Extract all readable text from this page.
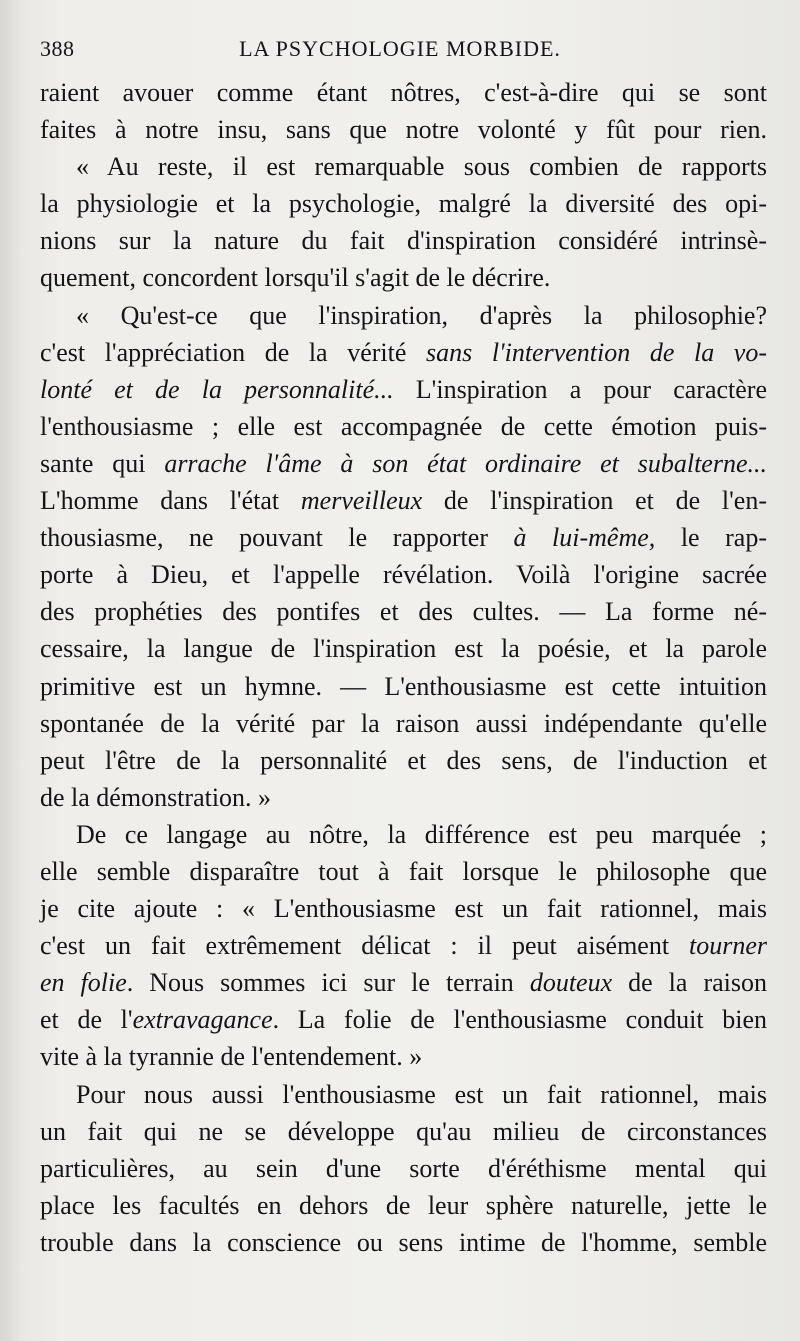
388	LA PSYCHOLOGIE MORBIDE.
raient avouer comme étant nôtres, c'est-à-dire qui se sont
faites à notre insu, sans que notre volonté y fût pour rien.
« Au reste, il est remarquable sous combien de rapports
la physiologie et la psychologie, malgré la diversité des opi-
nions sur la nature du fait d'inspiration considéré intrinsè-
quement, concordent lorsqu'il s'agit de le décrire.
« Qu'est-ce que l'inspiration, d'après la philosophie?
c'est l'appréciation de la vérité sans l'intervention de la vo-
lonté et de la personnalité... L'inspiration a pour caractère
l'enthousiasme ; elle est accompagnée de cette émotion puis-
sante qui arrache l'âme à son état ordinaire et subalterne...
L'homme dans l'état merveilleux de l'inspiration et de l'en-
thousiasme, ne pouvant le rapporter à lui-même, le rap-
porte à Dieu, et l'appelle révélation. Voilà l'origine sacrée
des prophéties des pontifes et des cultes. — La forme né-
cessaire, la langue de l'inspiration est la poésie, et la parole
primitive est un hymne. — L'enthousiasme est cette intuition
spontanée de la vérité par la raison aussi indépendante qu'elle
peut l'être de la personnalité et des sens, de l'induction et
de la démonstration. »
De ce langage au nôtre, la différence est peu marquée ;
elle semble disparaître tout à fait lorsque le philosophe que
je cite ajoute : « L'enthousiasme est un fait rationnel, mais
c'est un fait extrêmement délicat : il peut aisément tourner
en folie. Nous sommes ici sur le terrain douteux de la raison
et de l'extravagance. La folie de l'enthousiasme conduit bien
vite à la tyrannie de l'entendement. »
Pour nous aussi l'enthousiasme est un fait rationnel, mais
un fait qui ne se développe qu'au milieu de circonstances
particulières, au sein d'une sorte d'éréthisme mental qui
place les facultés en dehors de leur sphère naturelle, jette le
trouble dans la conscience ou sens intime de l'homme, semble
